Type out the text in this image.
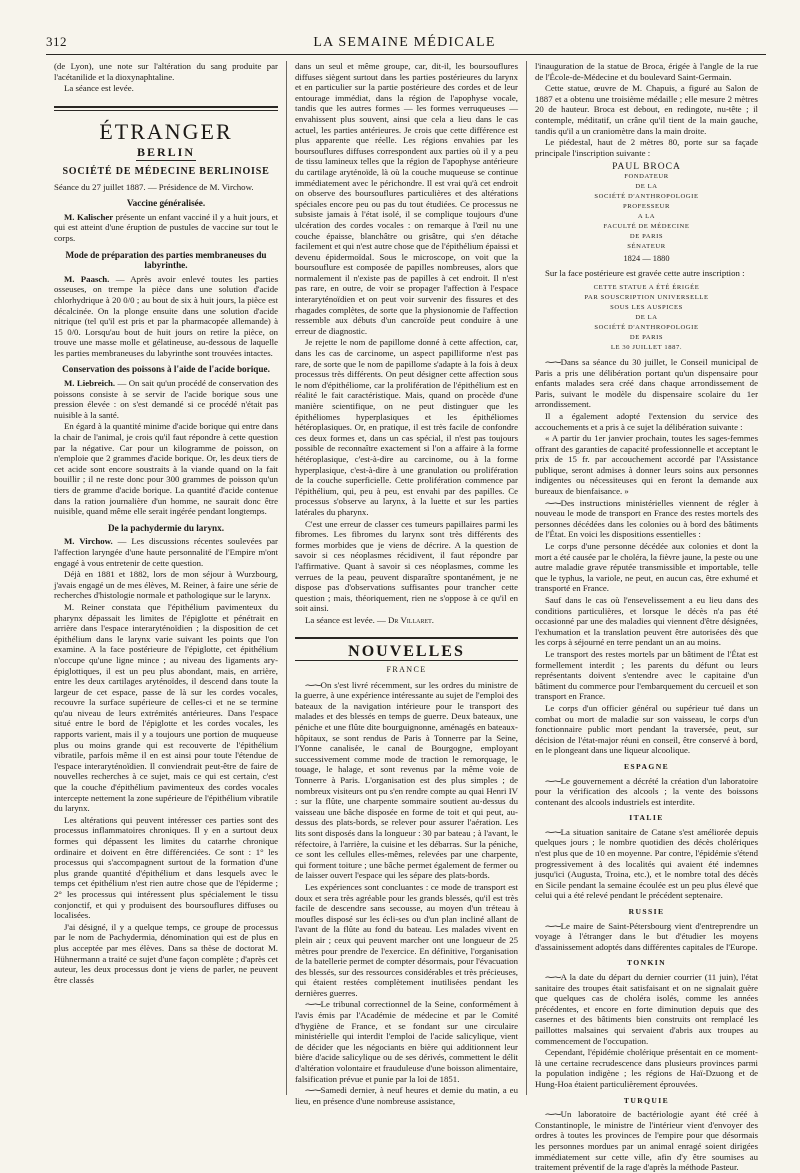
312	LA SEMAINE MÉDICALE

(de Lyon), une note sur l'altération du sang produite par l'acétanilide et la dioxynaphtaline.

La séance est levée.

ÉTRANGER
BERLIN
SOCIÉTÉ DE MÉDECINE BERLINOISE

Séance du 27 juillet 1887. — Présidence de M. Virchow.

Vaccine généralisée.

M. Kalischer présente un enfant vacciné il y a huit jours, et qui est atteint d'une éruption de pustules de vaccine sur tout le corps.

Mode de préparation des parties membraneuses du labyrinthe.

M. Paasch. — Après avoir enlevé toutes les parties osseuses, on trempe la pièce dans une solution d'acide chlorhydrique à 20 0/0 ; au bout de six à huit jours, la pièce est décalcinée. On la plonge ensuite dans une solution d'acide nitrique (tel qu'il est pris et par la pharmacopée allemande) à 15 0/0. Lorsqu'au bout de huit jours on retire la pièce, on trouve une masse molle et gélatineuse, au-dessous de laquelle les parties membraneuses du labyrinthe sont trouvées intactes.

Conservation des poissons à l'aide de l'acide borique.

M. Liebreich. — On sait qu'un procédé de conservation des poissons consiste à se servir de l'acide borique sous une pression élevée : on s'est demandé si ce procédé n'était pas nuisible à la santé.

En égard à la quantité minime d'acide borique qui entre dans la chair de l'animal, je crois qu'il faut répondre à cette question par la négative. Car pour un kilogramme de poisson, on n'emploie que 2 grammes d'acide borique. Or, les deux tiers de cet acide sont encore soustraits à la viande quand on la fait bouillir ; il ne reste donc pour 300 grammes de poisson qu'un tiers de gramme d'acide borique. La quantité d'acide contenue dans la ration journalière d'un homme, ne saurait donc être nuisible, quand même elle serait ingérée pendant longtemps.

De la pachydermie du larynx.

M. Virchow. — Les discussions récentes soulevées par l'affection laryngée d'une haute personnalité de l'Empire m'ont engagé à vous entretenir de cette question.

Déjà en 1881 et 1882, lors de mon séjour à Wurzbourg, j'avais engagé un de mes élèves, M. Reiner, à faire une série de recherches d'histologie normale et pathologique sur le larynx.

M. Reiner constata que l'épithélium pavimenteux du pharynx dépassait les limites de l'épiglotte et pénétrait en arrière dans l'espace interaryténoïdien ; la disposition de cet épithélium dans le larynx varie suivant les points que l'on examine. A la face postérieure de l'épiglotte, cet épithélium n'occupe qu'une ligne mince ; au niveau des ligaments ary-épiglottiques, il est un peu plus abondant, mais, en arrière, entre les deux cartilages aryténoïdes, il descend dans toute la largeur de cet espace, passe de là sur les cordes vocales, recouvre la surface supérieure de celles-ci et ne se termine qu'au niveau de leurs extrémités antérieures. Dans l'espace situé entre le bord de l'épiglotte et les cordes vocales, les rapports varient, mais il y a toujours une portion de muqueuse plus ou moins grande qui est recouverte de l'épithélium vibratile, parfois même il en est ainsi pour toute l'étendue de l'espace interaryténoïdien. Il conviendrait peut-être de faire de nouvelles recherches à ce sujet, mais ce qui est certain, c'est que la couche d'épithélium pavimenteux des cordes vocales intercepte nettement la zone supérieure de l'épithélium vibratile du larynx.

Les altérations qui peuvent intéresser ces parties sont des processus inflammatoires chroniques. Il y en a surtout deux formes qui dépassent les limites du catarrhe chronique ordinaire et doivent en être différenciées. Ce sont : 1° les processus qui s'accompagnent surtout de la formation d'une plus grande quantité d'épithélium et dans lesquels avec le temps cet épithélium n'est rien autre chose que de l'épiderme ; 2° les processus qui intéressent plus spécialement le tissu conjonctif, et qui y produisent des boursouflures diffuses ou localisées.

J'ai désigné, il y a quelque temps, ce groupe de processus par le nom de Pachydermia, dénomination qui est de plus en plus acceptée par mes élèves. Dans sa thèse de doctorat M. Hühnermann a traité ce sujet d'une façon complète ; d'après cet auteur, les deux processus dont je viens de parler, ne peuvent être classés

dans un seul et même groupe, car, dit-il, les boursouflures diffuses siègent surtout dans les parties postérieures du larynx et en particulier sur la partie postérieure des cordes et de leur entourage immédiat, dans la région de l'apophyse vocale, tandis que les autres formes — les formes verruqueuses — envahissent plus souvent, ainsi que cela a lieu dans le cas actuel, les parties antérieures. Je crois que cette différence est plus apparente que réelle. Les régions envahies par les boursouflures diffuses correspondent aux parties où il y a peu de tissu lamineux telles que la région de l'apophyse antérieure du cartilage aryténoïde, là où la couche muqueuse se continue immédiatement avec le périchondre. Il est vrai qu'à cet endroit on observe des boursouflures particulières et des altérations spéciales encore peu ou pas du tout étudiées. Ce processus ne subsiste jamais à l'état isolé, il se complique toujours d'une ulcération des cordes vocales : on remarque à l'œil nu une couche épaisse, blanchâtre ou grisâtre, qui s'en détache facilement et qui n'est autre chose que de l'épithélium épaissi et devenu épidermoïdal. Sous le microscope, on voit que la boursouflure est composée de papilles nombreuses, alors que normalement il n'existe pas de papilles à cet endroit. Il n'est pas rare, en outre, de voir se propager l'affection à l'espace interaryténoïdien et on peut voir survenir des fissures et des rhagades complètes, de sorte que la physionomie de l'affection ressemble aux débuts d'un cancroïde peut conduire à une erreur de diagnostic.

Je rejette le nom de papillome donné à cette affection, car, dans les cas de carcinome, un aspect papilliforme n'est pas rare, de sorte que le nom de papillome s'adapte à la fois à deux processus très différents. On peut désigner cette affection sous le nom d'épithéliome, car la prolifération de l'épithélium est en réalité le fait caractéristique. Mais, quand on procède d'une manière scientifique, on ne peut distinguer que les épithéliomes hyperplasiques et les épithéliomes hétéroplasiques. Or, en pratique, il est très facile de confondre ces deux formes et, dans un cas spécial, il n'est pas toujours possible de reconnaître exactement si l'on a affaire à la forme hétéroplasique, c'est-à-dire au carcinome, ou à la forme hyperplasique, c'est-à-dire à une granulation ou prolifération de la couche superficielle. Cette prolifération commence par l'épithélium, qui, peu à peu, est envahi par des papilles. Ce processus s'observe au larynx, à la luette et sur les parties latérales du pharynx.

C'est une erreur de classer ces tumeurs papillaires parmi les fibromes. Les fibromes du larynx sont très différents des formes morbides que je viens de décrire. A la question de savoir si ces néoplasmes récidivent, il faut répondre par l'affirmative. Quant à savoir si ces néoplasmes, comme les verrues de la peau, peuvent disparaître spontanément, je ne dispose pas d'observations suffisantes pour trancher cette question ; mais, théoriquement, rien ne s'oppose à ce qu'il en soit ainsi.

La séance est levée. — Dr Villaret.

NOUVELLES
FRANCE

⁓⁓ On s'est livré récemment, sur les ordres du ministre de la guerre, à une expérience intéressante au sujet de l'emploi des bateaux de la navigation intérieure pour le transport des malades et des blessés en temps de guerre. Deux bateaux, une péniche et une flûte dite bourguignonne, aménagés en bateaux-hôpitaux, se sont rendus de Paris à Tonnerre par la Seine, l'Yonne canalisée, le canal de Bourgogne, employant successivement comme mode de traction le remorquage, le touage, le halage, et sont revenus par la même voie de Tonnerre à Paris. L'organisation est des plus simples ; de nombreux visiteurs ont pu s'en rendre compte au quai Henri IV : sur la flûte, une charpente sommaire soutient au-dessus du vaisseau une bâche disposée en forme de toit et qui peut, au-dessus des plats-bords, se relever pour assurer l'aération. Les lits sont disposés dans la longueur : 30 par bateau ; à l'avant, le réfectoire, à l'arrière, la cuisine et les débarras. Sur la péniche, ce sont les cellules elles-mêmes, relevées par une charpente, qui forment toiture ; une bâche permet également de fermer ou de laisser ouvert l'espace qui les sépare des plats-bords.

Les expériences sont concluantes : ce mode de transport est doux et sera très agréable pour les grands blessés, qu'il est très facile de descendre sans secousse, au moyen d'un tréteau à moufles disposé sur les écli-ses ou d'un plan incliné allant de l'avant de la flûte au fond du bateau. Les malades vivent en plein air ; ceux qui peuvent marcher ont une longueur de 25 mètres pour prendre de l'exercice. En définitive, l'organisation de la batellerie permet de compter désormais, pour l'évacuation des blessés, sur des ressources considérables et très précieuses, qui étaient restées complètement inutilisées pendant les dernières guerres.

⁓⁓ Le tribunal correctionnel de la Seine, conformément à l'avis émis par l'Académie de médecine et par le Comité d'hygiène de France, et se fondant sur une circulaire ministérielle qui interdit l'emploi de l'acide salicylique, vient de décider que les négociants en bière qui additionnent leur bière d'acide salicylique ou de ses dérivés, commettent le délit d'altération volontaire et frauduleuse d'une boisson alimentaire, falsification prévue et punie par la loi de 1851.

⁓⁓ Samedi dernier, à neuf heures et demie du matin, a eu lieu, en présence d'une nombreuse assistance,

l'inauguration de la statue de Broca, érigée à l'angle de la rue de l'École-de-Médecine et du boulevard Saint-Germain.

Cette statue, œuvre de M. Chapuis, a figuré au Salon de 1887 et a obtenu une troisième médaille ; elle mesure 2 mètres 20 de hauteur. Broca est debout, en redingote, nu-tête ; il contemple, méditatif, un crâne qu'il tient de la main gauche, tandis qu'il a un craniomètre dans la main droite.

Le piédestal, haut de 2 mètres 80, porte sur sa façade principale l'inscription suivante :

PAUL BROCA
FONDATEUR
DE LA
SOCIÉTÉ D'ANTHROPOLOGIE
PROFESSEUR
A LA
FACULTÉ DE MÉDECINE
DE PARIS
SÉNATEUR
1824 — 1880

Sur la face postérieure est gravée cette autre inscription :

CETTE STATUE A ÉTÉ ÉRIGÉE
PAR SOUSCRIPTION UNIVERSELLE
SOUS LES AUSPICES
DE LA
SOCIÉTÉ D'ANTHROPOLOGIE
DE PARIS
LE 30 JUILLET 1887.

⁓⁓ Dans sa séance du 30 juillet, le Conseil municipal de Paris a pris une délibération portant qu'un dispensaire pour enfants malades sera créé dans chaque arrondissement de Paris, suivant le modèle du dispensaire scolaire du 1er arrondissement.

Il a également adopté l'extension du service des accouchements et a pris à ce sujet la délibération suivante :

« A partir du 1er janvier prochain, toutes les sages-femmes offrant des garanties de capacité professionnelle et acceptant le prix de 15 fr. par accouchement accordé par l'Assistance publique, seront admises à donner leurs soins aux personnes indigentes ou nécessiteuses qui en feront la demande aux bureaux de bienfaisance. »

⁓⁓ Des instructions ministérielles viennent de régler à nouveau le mode de transport en France des restes mortels des personnes décédées dans les colonies ou à bord des bâtiments de l'État. En voici les dispositions essentielles :

Le corps d'une personne décédée aux colonies et dont la mort a été causée par le choléra, la fièvre jaune, la peste ou une autre maladie grave réputée transmissible et importable, telle que le typhus, la variole, ne peut, en aucun cas, être exhumé et transporté en France.

Sauf dans le cas où l'ensevelissement a eu lieu dans des conditions particulières, et lorsque le décès n'a pas été occasionné par une des maladies qui viennent d'être désignées, l'exhumation et la translation peuvent être autorisées dès que les corps à séjourné en terre pendant un an au moins.

Le transport des restes mortels par un bâtiment de l'État est formellement interdit ; les parents du défunt ou leurs représentants doivent s'entendre avec le capitaine d'un bâtiment du commerce pour l'embarquement du cercueil et son transport en France.

Le corps d'un officier général ou supérieur tué dans un combat ou mort de maladie sur son vaisseau, le corps d'un fonctionnaire public mort pendant la traversée, peut, sur décision de l'état-major réuni en conseil, être conservé à bord, en le plongeant dans une liqueur alcoolique.

ESPAGNE

⁓⁓ Le gouvernement a décrété la création d'un laboratoire pour la vérification des alcools ; la vente des boissons contenant des alcools industriels est interdite.

ITALIE

⁓⁓ La situation sanitaire de Catane s'est améliorée depuis quelques jours ; le nombre quotidien des décès cholériques n'est plus que de 10 en moyenne. Par contre, l'épidémie s'étend progressivement à des localités qui avaient été indemnes jusqu'ici (Augusta, Troina, etc.), et le nombre total des décès en Sicile pendant la semaine écoulée est un peu plus élevé que celui qui a été relevé pendant le précédent septenaire.

RUSSIE

⁓⁓ Le maire de Saint-Pétersbourg vient d'entreprendre un voyage à l'étranger dans le but d'étudier les moyens d'assainissement adoptés dans différentes capitales de l'Europe.

TONKIN

⁓⁓ A la date du départ du dernier courrier (11 juin), l'état sanitaire des troupes était satisfaisant et on ne signalait guère que quelques cas de choléra isolés, comme les années précédentes, et encore en forte diminution depuis que des casernes et des bâtiments bien construits ont remplacé les paillottes malsaines qui servaient d'abris aux troupes au commencement de l'occupation.

Cependant, l'épidémie cholérique présentait en ce moment-là une certaine recrudescence dans plusieurs provinces parmi la population indigène ; les régions de Haï-Dzuong et de Hung-Hoa étaient particulièrement éprouvées.

TURQUIE

⁓⁓ Un laboratoire de bactériologie ayant été créé à Constantinople, le ministre de l'intérieur vient d'envoyer des ordres à toutes les provinces de l'empire pour que désormais les personnes mordues par un animal enragé soient dirigées immédiatement sur cette ville, afin d'y être soumises au traitement préventif de la rage d'après la méthode Pasteur.
